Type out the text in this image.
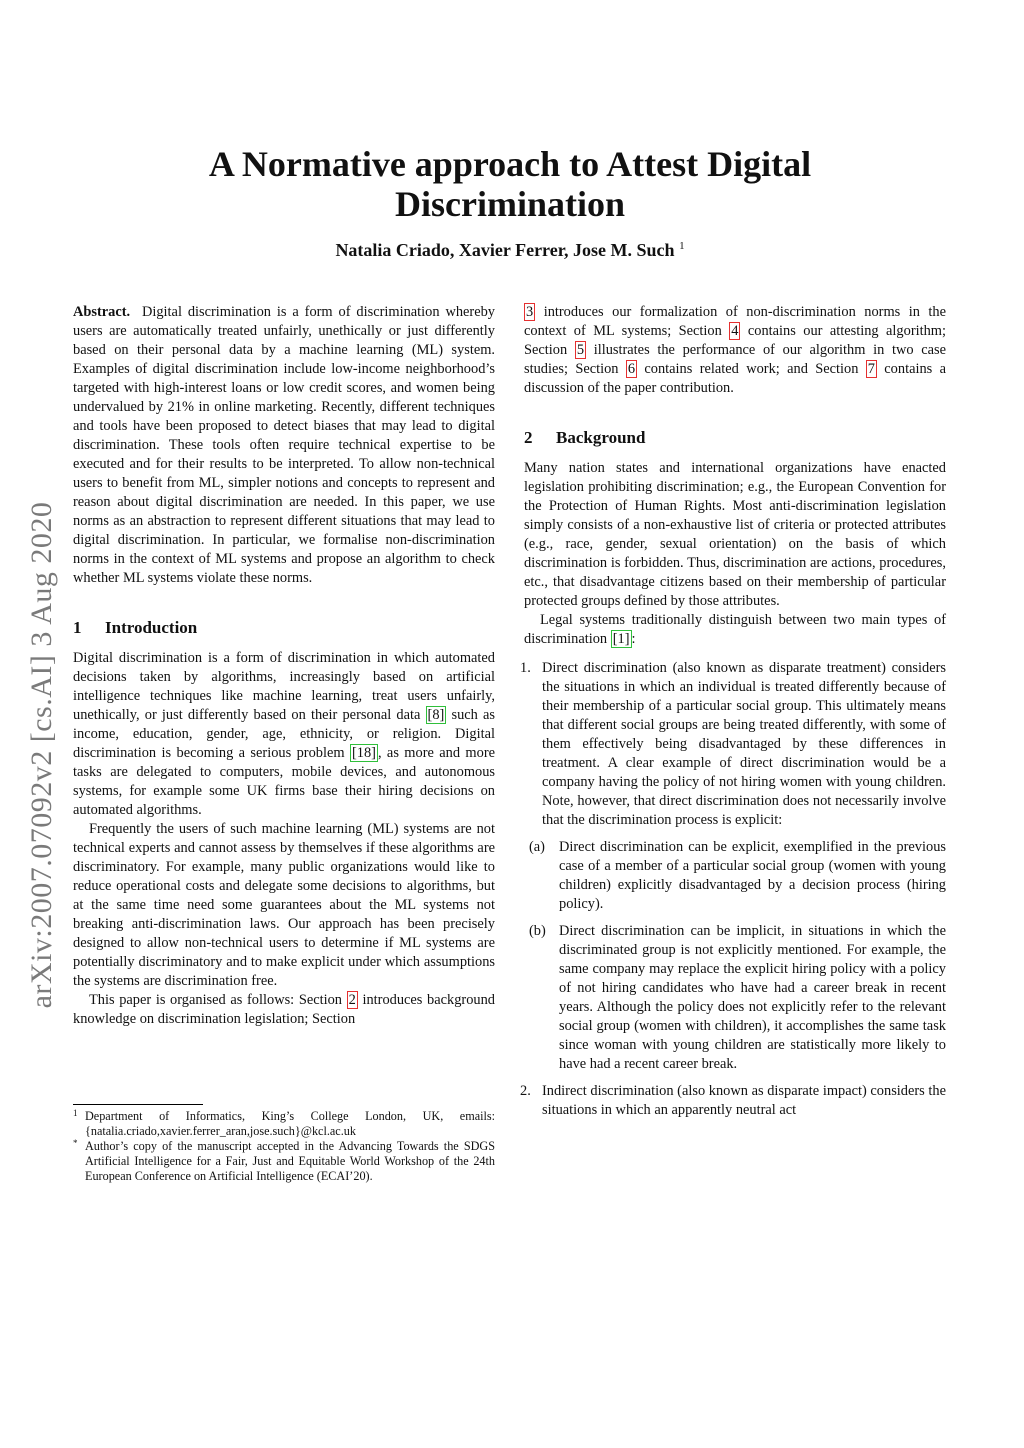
arXiv:2007.07092v2 [cs.AI] 3 Aug 2020
A Normative approach to Attest Digital Discrimination
Natalia Criado, Xavier Ferrer, Jose M. Such $^1$

Abstract. Digital discrimination is a form of discrimination whereby users are automatically treated unfairly, unethically or just differently based on their personal data by a machine learning (ML) system. Examples of digital discrimination include low-income neighborhood’s targeted with high-interest loans or low credit scores, and women being undervalued by 21% in online marketing. Recently, different techniques and tools have been proposed to detect biases that may lead to digital discrimination. These tools often require technical expertise to be executed and for their results to be interpreted. To allow non-technical users to benefit from ML, simpler notions and concepts to represent and reason about digital discrimination are needed. In this paper, we use norms as an abstraction to represent different situations that may lead to digital discrimination. In particular, we formalise non-discrimination norms in the context of ML systems and propose an algorithm to check whether ML systems violate these norms.

1 Introduction

Digital discrimination is a form of discrimination in which automated decisions taken by algorithms, increasingly based on artificial intelligence techniques like machine learning, treat users unfairly, unethically, or just differently based on their personal data [8] such as income, education, gender, age, ethnicity, or religion. Digital discrimination is becoming a serious problem [18] , as more and more tasks are delegated to computers, mobile devices, and autonomous systems, for example some UK firms base their hiring decisions on automated algorithms.

Frequently the users of such machine learning (ML) systems are not technical experts and cannot assess by themselves if these algorithms are discriminatory. For example, many public organizations would like to reduce operational costs and delegate some decisions to algorithms, but at the same time need some guarantees about the ML systems not breaking anti-discrimination laws. Our approach has been precisely designed to allow non-technical users to determine if ML systems are potentially discriminatory and to make explicit under which assumptions the systems are discrimination free.

This paper is organised as follows: Section 2 introduces background knowledge on discrimination legislation; Section

1 Department of Informatics, King’s College London, UK, emails: {natalia.criado,xavier.ferrer_aran,jose.such}@kcl.ac.uk
* Author’s copy of the manuscript accepted in the Advancing Towards the SDGS Artificial Intelligence for a Fair, Just and Equitable World Workshop of the 24th European Conference on Artificial Intelligence (ECAI’20).

3 introduces our formalization of non-discrimination norms in the context of ML systems; Section 4 contains our attesting algorithm; Section 5 illustrates the performance of our algorithm in two case studies; Section 6 contains related work; and Section 7 contains a discussion of the paper contribution.

2 Background

Many nation states and international organizations have enacted legislation prohibiting discrimination; e.g., the European Convention for the Protection of Human Rights. Most anti-discrimination legislation simply consists of a non-exhaustive list of criteria or protected attributes (e.g., race, gender, sexual orientation) on the basis of which discrimination is forbidden. Thus, discrimination are actions, procedures, etc., that disadvantage citizens based on their membership of particular protected groups defined by those attributes.

Legal systems traditionally distinguish between two main types of discrimination [1] :

1. Direct discrimination (also known as disparate treatment) considers the situations in which an individual is treated differently because of their membership of a particular social group. This ultimately means that different social groups are being treated differently, with some of them effectively being disadvantaged by these differences in treatment. A clear example of direct discrimination would be a company having the policy of not hiring women with young children. Note, however, that direct discrimination does not necessarily involve that the discrimination process is explicit:
(a) Direct discrimination can be explicit, exemplified in the previous case of a member of a particular social group (women with young children) explicitly disadvantaged by a decision process (hiring policy).
(b) Direct discrimination can be implicit, in situations in which the discriminated group is not explicitly mentioned. For example, the same company may replace the explicit hiring policy with a policy of not hiring candidates who have had a career break in recent years. Although the policy does not explicitly refer to the relevant social group (women with children), it accomplishes the same task since woman with young children are statistically more likely to have had a recent career break.
2. Indirect discrimination (also known as disparate impact) considers the situations in which an apparently neutral act
